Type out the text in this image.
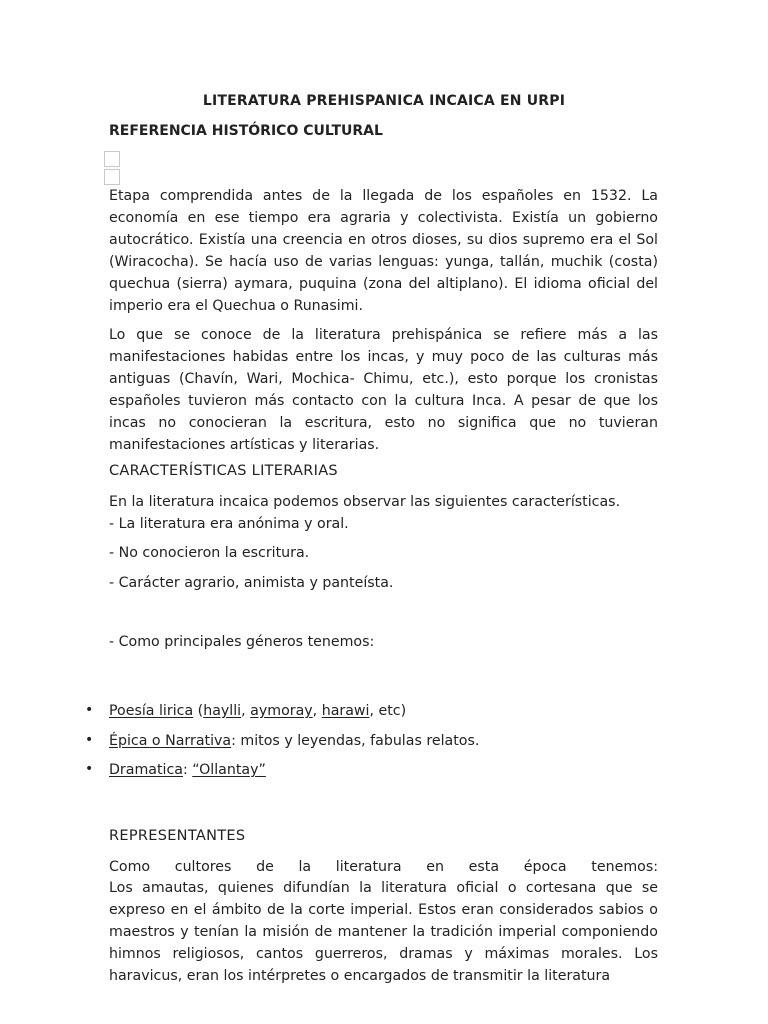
LITERATURA PREHISPANICA INCAICA EN URPI
REFERENCIA HISTÓRICO CULTURAL

Etapa comprendida antes de la llegada de los españoles en 1532. La economía en ese tiempo era agraria y colectivista. Existía un gobierno autocrático. Existía una creencia en otros dioses, su dios supremo era el Sol (Wiracocha). Se hacía uso de varias lenguas: yunga, tallán, muchik (costa) quechua (sierra) aymara, puquina (zona del altiplano). El idioma oficial del imperio era el Quechua o Runasimi.

Lo que se conoce de la literatura prehispánica se refiere más a las manifestaciones habidas entre los incas, y muy poco de las culturas más antiguas (Chavín, Wari, Mochica- Chimu, etc.), esto porque los cronistas españoles tuvieron más contacto con la cultura Inca. A pesar de que los incas no conocieran la escritura, esto no significa que no tuvieran manifestaciones artísticas y literarias.

CARACTERÍSTICAS LITERARIAS

En la literatura incaica podemos observar las siguientes características.

- La literatura era anónima y oral.
- No conocieron la escritura.
- Carácter agrario, animista y panteísta.
- Como principales géneros tenemos:
• Poesía lirica (haylli, aymoray, harawi, etc)
• Épica o Narrativa: mitos y leyendas, fabulas relatos.
• Dramatica: “Ollantay”
REPRESENTANTES

Como cultores de la literatura en esta época tenemos:

Los amautas, quienes difundían la literatura oficial o cortesana que se expreso en el ámbito de la corte imperial. Estos eran considerados sabios o maestros y tenían la misión de mantener la tradición imperial componiendo himnos religiosos, cantos guerreros, dramas y máximas morales. Los haravicus, eran los intérpretes o encargados de transmitir la literatura
